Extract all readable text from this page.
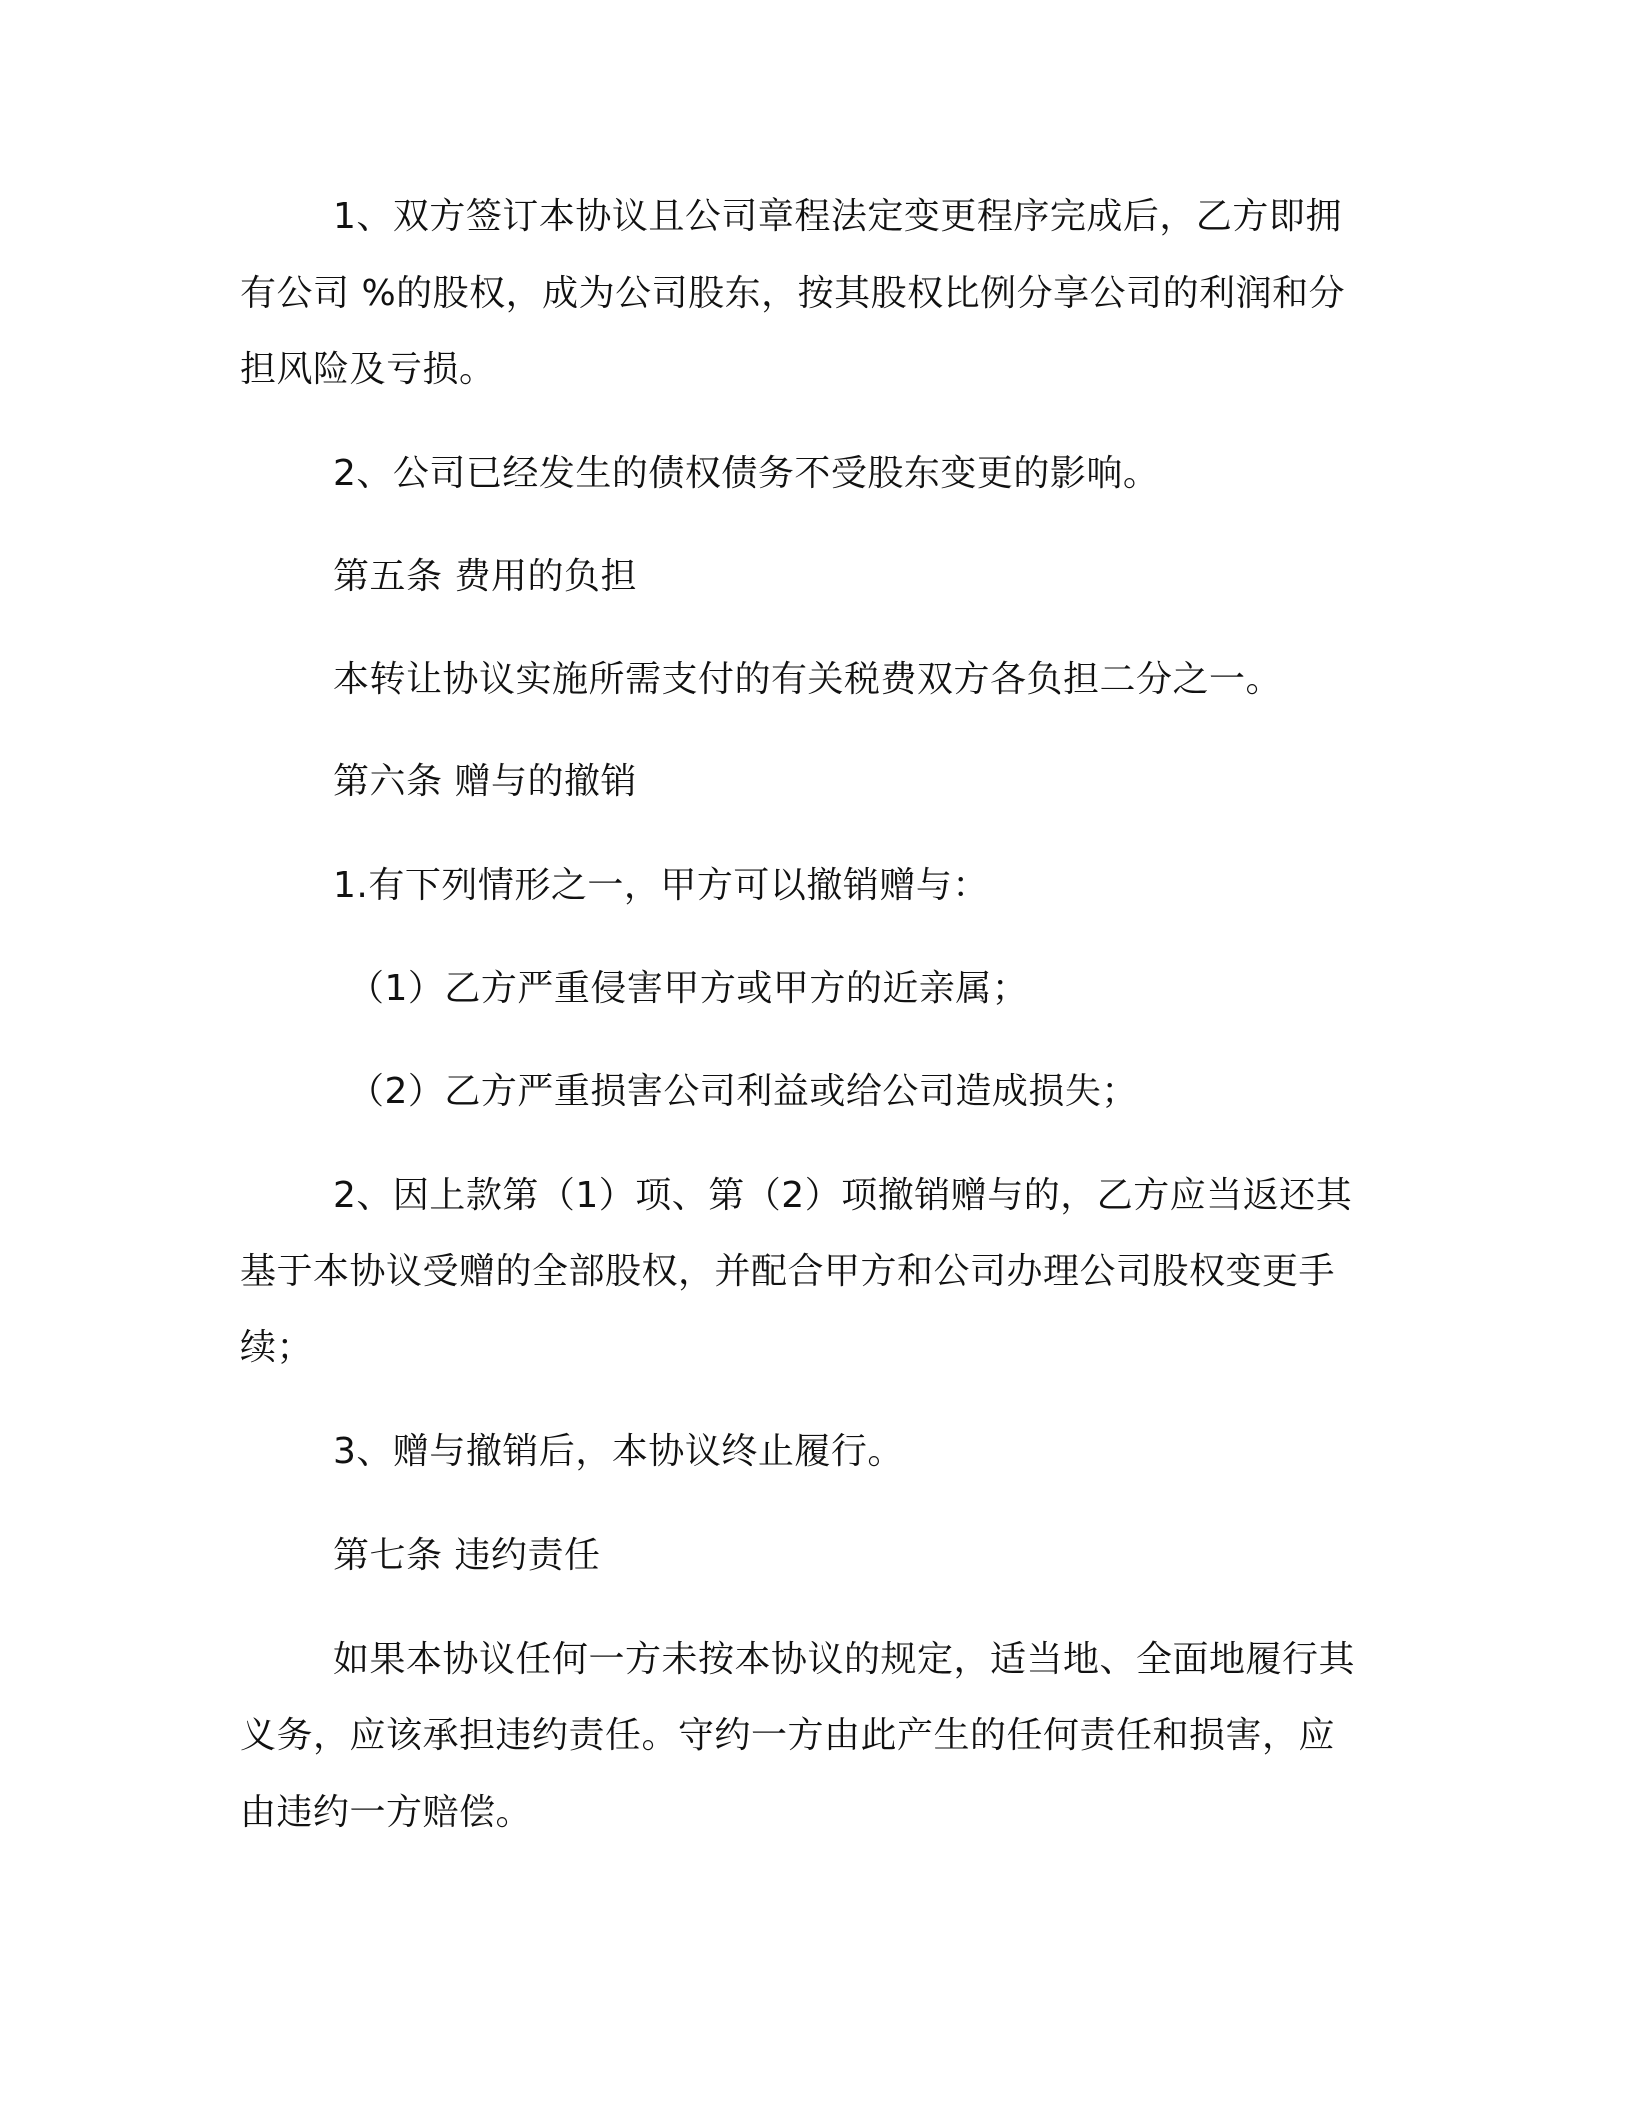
1、双方签订本协议且公司章程法定变更程序完成后，乙方即拥
有公司 %的股权，成为公司股东，按其股权比例分享公司的利润和分
担风险及亏损。
2、公司已经发生的债权债务不受股东变更的影响。
第五条 费用的负担
本转让协议实施所需支付的有关税费双方各负担二分之一。
第六条 赠与的撤销
1.有下列情形之一，甲方可以撤销赠与：
（1）乙方严重侵害甲方或甲方的近亲属；
（2）乙方严重损害公司利益或给公司造成损失；
2、因上款第（1）项、第（2）项撤销赠与的，乙方应当返还其
基于本协议受赠的全部股权，并配合甲方和公司办理公司股权变更手
续；
3、赠与撤销后，本协议终止履行。
第七条 违约责任
如果本协议任何一方未按本协议的规定，适当地、全面地履行其
义务，应该承担违约责任。守约一方由此产生的任何责任和损害，应
由违约一方赔偿。
